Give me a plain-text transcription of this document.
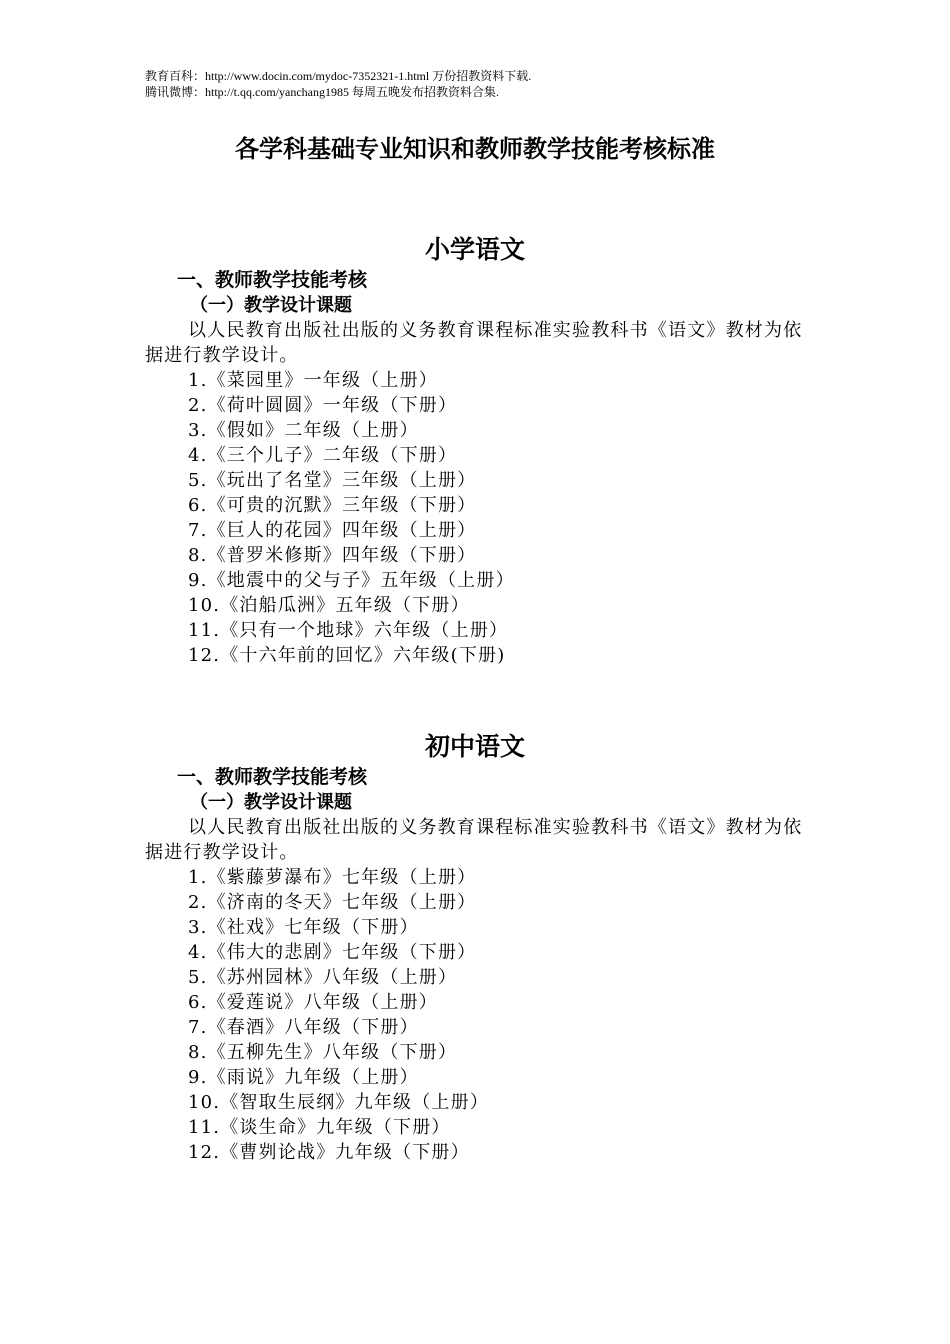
教育百科：http://www.docin.com/mydoc-7352321-1.html 万份招教资料下载.
腾讯微博：http://t.qq.com/yanchang1985 每周五晚发布招教资料合集.
各学科基础专业知识和教师教学技能考核标准
小学语文
一、教师教学技能考核
（一）教学设计课题
以人民教育出版社出版的义务教育课程标准实验教科书《语文》教材为依据进行教学设计。
1.《菜园里》一年级（上册）
2.《荷叶圆圆》一年级（下册）
3.《假如》二年级（上册）
4.《三个儿子》二年级（下册）
5.《玩出了名堂》三年级（上册）
6.《可贵的沉默》三年级（下册）
7.《巨人的花园》四年级（上册）
8.《普罗米修斯》四年级（下册）
9.《地震中的父与子》五年级（上册）
10.《泊船瓜洲》五年级（下册）
11.《只有一个地球》六年级（上册）
12.《十六年前的回忆》六年级(下册)
初中语文
一、教师教学技能考核
（一）教学设计课题
以人民教育出版社出版的义务教育课程标准实验教科书《语文》教材为依据进行教学设计。
1.《紫藤萝瀑布》七年级（上册）
2.《济南的冬天》七年级（上册）
3.《社戏》七年级（下册）
4.《伟大的悲剧》七年级（下册）
5.《苏州园林》八年级（上册）
6.《爱莲说》八年级（上册）
7.《春酒》八年级（下册）
8.《五柳先生》八年级（下册）
9.《雨说》九年级（上册）
10.《智取生辰纲》九年级（上册）
11.《谈生命》九年级（下册）
12.《曹刿论战》九年级（下册）
